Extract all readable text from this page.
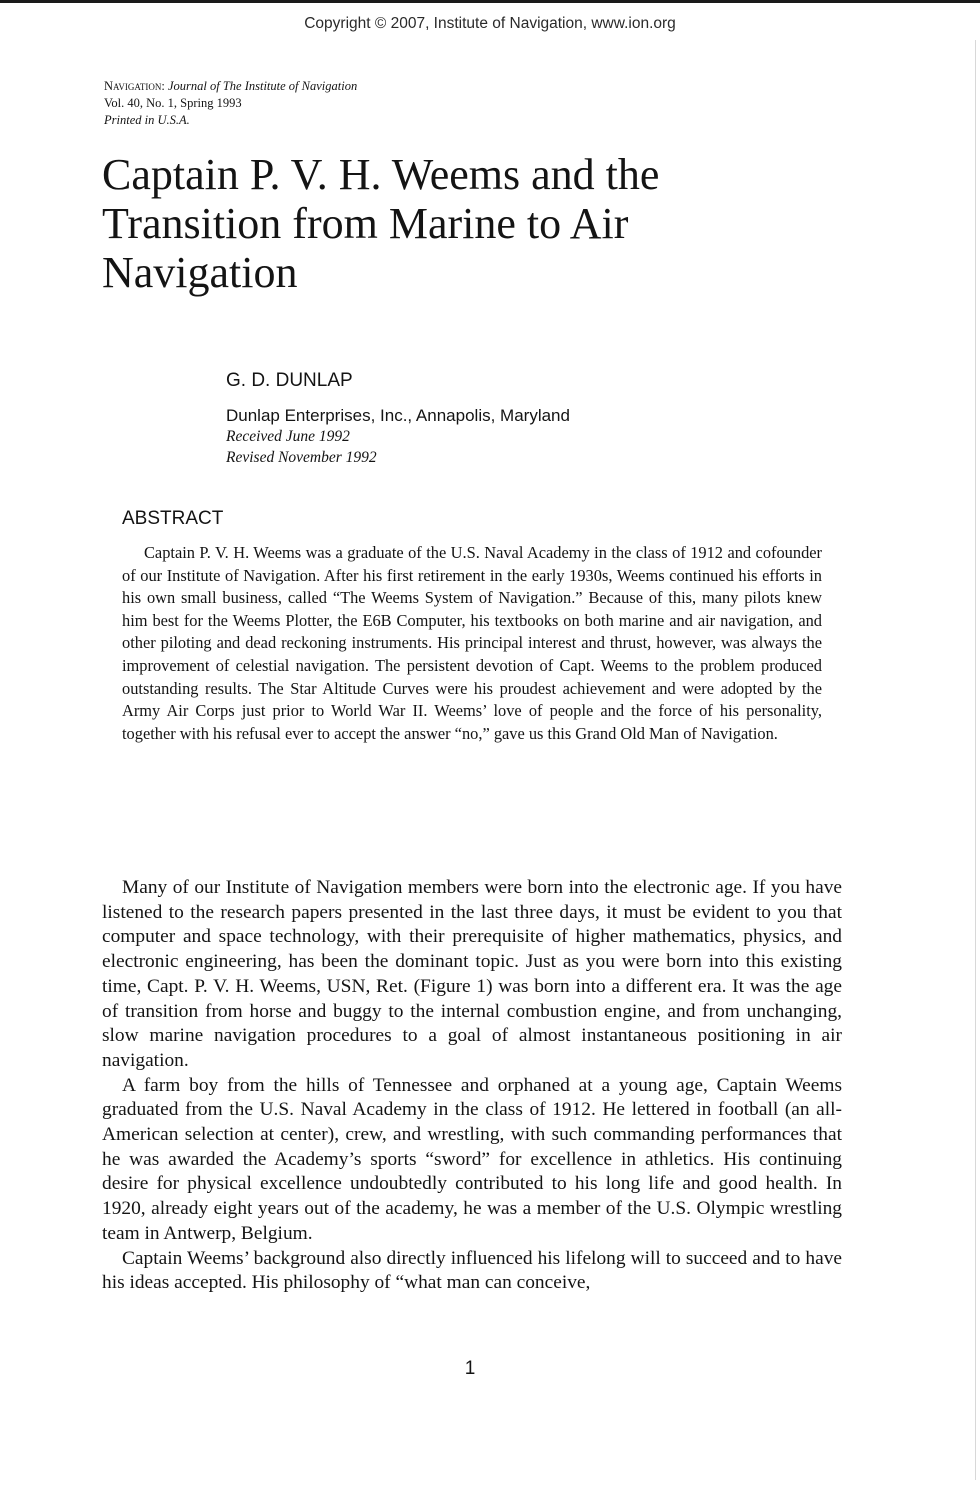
Copyright © 2007, Institute of Navigation, www.ion.org
Navigation: Journal of The Institute of Navigation
Vol. 40, No. 1, Spring 1993
Printed in U.S.A.
Captain P. V. H. Weems and the Transition from Marine to Air Navigation
G. D. DUNLAP
Dunlap Enterprises, Inc., Annapolis, Maryland
Received June 1992
Revised November 1992
ABSTRACT

Captain P. V. H. Weems was a graduate of the U.S. Naval Academy in the class of 1912 and cofounder of our Institute of Navigation. After his first retirement in the early 1930s, Weems continued his efforts in his own small business, called “The Weems System of Navigation.” Because of this, many pilots knew him best for the Weems Plotter, the E6B Computer, his textbooks on both marine and air navigation, and other piloting and dead reckoning instruments. His principal interest and thrust, however, was always the improvement of celestial navigation. The persistent devotion of Capt. Weems to the problem produced outstanding results. The Star Altitude Curves were his proudest achievement and were adopted by the Army Air Corps just prior to World War II. Weems’ love of people and the force of his personality, together with his refusal ever to accept the answer “no,” gave us this Grand Old Man of Navigation.

Many of our Institute of Navigation members were born into the electronic age. If you have listened to the research papers presented in the last three days, it must be evident to you that computer and space technology, with their prerequisite of higher mathematics, physics, and electronic engineering, has been the dominant topic. Just as you were born into this existing time, Capt. P. V. H. Weems, USN, Ret. (Figure 1) was born into a different era. It was the age of transition from horse and buggy to the internal combustion engine, and from unchanging, slow marine navigation procedures to a goal of almost instantaneous positioning in air navigation.

A farm boy from the hills of Tennessee and orphaned at a young age, Captain Weems graduated from the U.S. Naval Academy in the class of 1912. He lettered in football (an all-American selection at center), crew, and wrestling, with such commanding performances that he was awarded the Academy’s sports “sword” for excellence in athletics. His continuing desire for physical excellence undoubtedly contributed to his long life and good health. In 1920, already eight years out of the academy, he was a member of the U.S. Olympic wrestling team in Antwerp, Belgium.

Captain Weems’ background also directly influenced his lifelong will to succeed and to have his ideas accepted. His philosophy of “what man can conceive,

1
